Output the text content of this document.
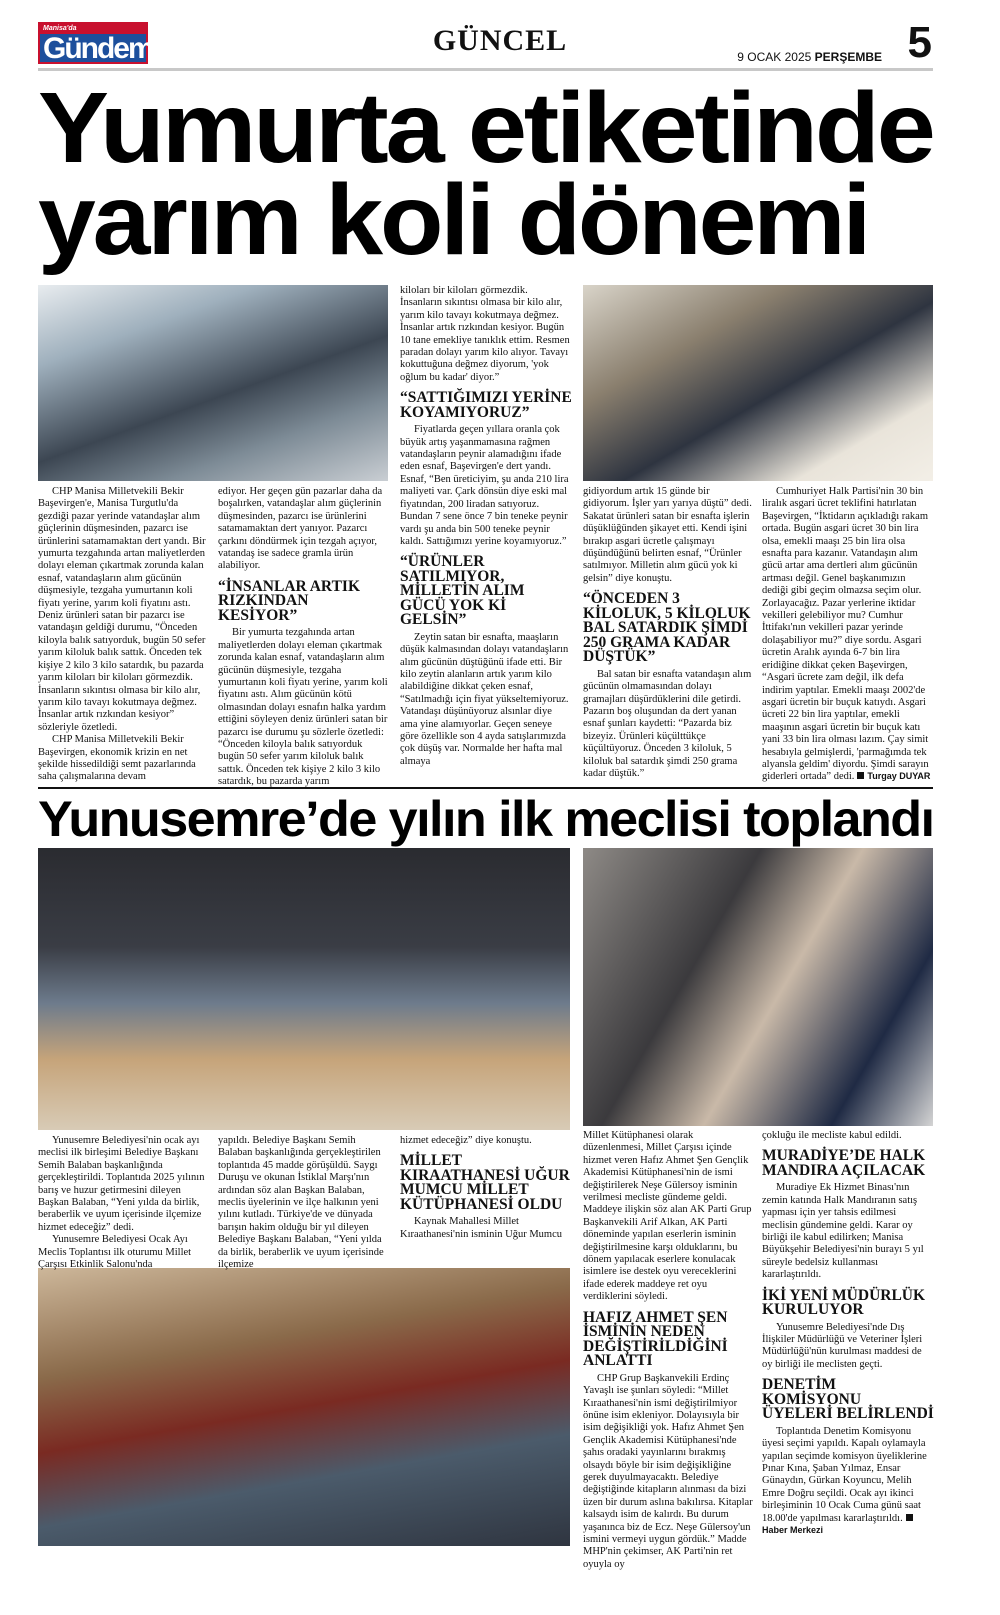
Manisa'da
Gündem	GÜNCEL	9 OCAK 2025 PERŞEMBE 5
Yumurta etiketinde
yarım koli dönemi

CHP Manisa Milletvekili Bekir Başevirgen'e, Manisa Turgutlu'da gezdiği pazar yerinde vatandaşlar alım güçlerinin düşmesinden, pazarcı ise ürünlerini satamamaktan dert yandı. Bir yumurta tezgahında artan maliyetlerden dolayı eleman çıkartmak zorunda kalan esnaf, vatandaşların alım gücünün düşmesiyle, tezgaha yumurtanın koli fiyatı yerine, yarım koli fiyatını astı. Deniz ürünleri satan bir pazarcı ise vatandaşın geldiği durumu, “Önceden kiloyla balık satıyorduk, bugün 50 sefer yarım kiloluk balık sattık. Önceden tek kişiye 2 kilo 3 kilo satardık, bu pazarda yarım kiloları bir kiloları görmezdik. İnsanların sıkıntısı olmasa bir kilo alır, yarım kilo tavayı kokutmaya değmez. İnsanlar artık rızkından kesiyor” sözleriyle özetledi.

CHP Manisa Milletvekili Bekir Başevirgen, ekonomik krizin en net şekilde hissedildiği semt pazarlarında saha çalışmalarına devam

ediyor. Her geçen gün pazarlar daha da boşalırken, vatandaşlar alım güçlerinin düşmesinden, pazarcı ise ürünlerini satamamaktan dert yanıyor. Pazarcı çarkını döndürmek için tezgah açıyor, vatandaş ise sadece gramla ürün alabiliyor.

“İNSANLAR ARTIK RIZKINDAN KESİYOR”

Bir yumurta tezgahında artan maliyetlerden dolayı eleman çıkartmak zorunda kalan esnaf, vatandaşların alım gücünün düşmesiyle, tezgaha yumurtanın koli fiyatı yerine, yarım koli fiyatını astı. Alım gücünün kötü olmasından dolayı esnafın halka yardım ettiğini söyleyen deniz ürünleri satan bir pazarcı ise durumu şu sözlerle özetledi: “Önceden kiloyla balık satıyorduk bugün 50 sefer yarım kiloluk balık sattık. Önceden tek kişiye 2 kilo 3 kilo satardık, bu pazarda yarım

kiloları bir kiloları görmezdik. İnsanların sıkıntısı olmasa bir kilo alır, yarım kilo tavayı kokutmaya değmez. İnsanlar artık rızkından kesiyor. Bugün 10 tane emekliye tanıklık ettim. Resmen paradan dolayı yarım kilo alıyor. Tavayı kokuttuğuna değmez diyorum, 'yok oğlum bu kadar' diyor.”

“SATTIĞIMIZI YERİNE KOYAMIYORUZ”

Fiyatlarda geçen yıllara oranla çok büyük artış yaşanmamasına rağmen vatandaşların peynir alamadığını ifade eden esnaf, Başevirgen'e dert yandı. Esnaf, “Ben üreticiyim, şu anda 210 lira maliyeti var. Çark dönsün diye eski mal fiyatından, 200 liradan satıyoruz. Bundan 7 sene önce 7 bin teneke peynir vardı şu anda bin 500 teneke peynir kaldı. Sattığımızı yerine koyamıyoruz.”

“ÜRÜNLER SATILMIYOR, MİLLETİN ALIM GÜCÜ YOK Kİ GELSİN”

Zeytin satan bir esnafta, maaşların düşük kalmasından dolayı vatandaşların alım gücünün düştüğünü ifade etti. Bir kilo zeytin alanların artık yarım kilo alabildiğine dikkat çeken esnaf, “Satılmadığı için fiyat yükseltemiyoruz. Vatandaşı düşünüyoruz alsınlar diye ama yine alamıyorlar. Geçen seneye göre özellikle son 4 ayda satışlarımızda çok düşüş var. Normalde her hafta mal almaya

gidiyordum artık 15 günde bir gidiyorum. İşler yarı yarıya düştü” dedi. Sakatat ürünleri satan bir esnafta işlerin düşüklüğünden şikayet etti. Kendi işini bırakıp asgari ücretle çalışmayı düşündüğünü belirten esnaf, “Ürünler satılmıyor. Milletin alım gücü yok ki gelsin” diye konuştu.

“ÖNCEDEN 3 KİLOLUK, 5 KİLOLUK BAL SATARDIK ŞİMDİ 250 GRAMA KADAR DÜŞTÜK”

Bal satan bir esnafta vatandaşın alım gücünün olmamasından dolayı gramajları düşürdüklerini dile getirdi. Pazarın boş oluşundan da dert yanan esnaf şunları kaydetti: “Pazarda biz bizeyiz. Ürünleri küçülttükçe küçültüyoruz. Önceden 3 kiloluk, 5 kiloluk bal satardık şimdi 250 grama kadar düştük.”

Cumhuriyet Halk Partisi'nin 30 bin liralık asgari ücret teklifini hatırlatan Başevirgen, “İktidarın açıkladığı rakam ortada. Bugün asgari ücret 30 bin lira olsa, emekli maaşı 25 bin lira olsa esnafta para kazanır. Vatandaşın alım gücü artar ama dertleri alım gücünün artması değil. Genel başkanımızın dediği gibi geçim olmazsa seçim olur. Zorlayacağız. Pazar yerlerine iktidar vekilleri gelebiliyor mu? Cumhur İttifakı'nın vekilleri pazar yerinde dolaşabiliyor mu?” diye sordu. Asgari ücretin Aralık ayında 6-7 bin lira eridiğine dikkat çeken Başevirgen, “Asgari ücrete zam değil, ilk defa indirim yaptılar. Emekli maaşı 2002'de asgari ücretin bir buçuk katıydı. Asgari ücreti 22 bin lira yaptılar, emekli maaşının asgari ücretin bir buçuk katı yani 33 bin lira olması lazım. Çay simit hesabıyla gelmişlerdi, 'parmağımda tek alyansla geldim' diyordu. Şimdi sarayın giderleri ortada” dedi. Turgay DUYAR

Yunusemre’de yılın ilk meclisi toplandı

Yunusemre Belediyesi'nin ocak ayı meclisi ilk birleşimi Belediye Başkanı Semih Balaban başkanlığında gerçekleştirildi. Toplantıda 2025 yılının barış ve huzur getirmesini dileyen Başkan Balaban, “Yeni yılda da birlik, beraberlik ve uyum içerisinde ilçemize hizmet edeceğiz” dedi.

Yunusemre Belediyesi Ocak Ayı Meclis Toplantısı ilk oturumu Millet Çarşısı Etkinlik Salonu'nda

yapıldı. Belediye Başkanı Semih Balaban başkanlığında gerçekleştirilen toplantıda 45 madde görüşüldü. Saygı Duruşu ve okunan İstiklal Marşı'nın ardından söz alan Başkan Balaban, meclis üyelerinin ve ilçe halkının yeni yılını kutladı. Türkiye'de ve dünyada barışın hakim olduğu bir yıl dileyen Belediye Başkanı Balaban, “Yeni yılda da birlik, beraberlik ve uyum içerisinde ilçemize

hizmet edeceğiz” diye konuştu.

MİLLET KIRAATHANESİ UĞUR MUMCU MİLLET KÜTÜPHANESİ OLDU

Kaynak Mahallesi Millet Kıraathanesi'nin isminin Uğur Mumcu

Millet Kütüphanesi olarak düzenlenmesi, Millet Çarşısı içinde hizmet veren Hafız Ahmet Şen Gençlik Akademisi Kütüphanesi'nin de ismi değiştirilerek Neşe Gülersoy isminin verilmesi mecliste gündeme geldi. Maddeye ilişkin söz alan AK Parti Grup Başkanvekili Arif Alkan, AK Parti döneminde yapılan eserlerin isminin değiştirilmesine karşı olduklarını, bu dönem yapılacak eserlere konulacak isimlere ise destek oyu vereceklerini ifade ederek maddeye ret oyu verdiklerini söyledi.

HAFIZ AHMET ŞEN İSMİNİN NEDEN DEĞİŞTİRİLDİĞİNİ ANLATTI

CHP Grup Başkanvekili Erdinç Yavaşlı ise şunları söyledi: “Millet Kıraathanesi'nin ismi değiştirilmiyor önüne isim ekleniyor. Dolayısıyla bir isim değişikliği yok. Hafız Ahmet Şen Gençlik Akademisi Kütüphanesi'nde şahıs oradaki yayınlarını bırakmış olsaydı böyle bir isim değişikliğine gerek duyulmayacaktı. Belediye değiştiğinde kitapların alınması da bizi üzen bir durum aslına bakılırsa. Kitaplar kalsaydı isim de kalırdı. Bu durum yaşanınca biz de Ecz. Neşe Gülersoy'un ismini vermeyi uygun gördük.” Madde MHP'nin çekimser, AK Parti'nin ret oyuyla oy

çokluğu ile mecliste kabul edildi.

MURADİYE’DE HALK MANDIRA AÇILACAK

Muradiye Ek Hizmet Binası'nın zemin katında Halk Mandıranın satış yapması için yer tahsis edilmesi meclisin gündemine geldi. Karar oy birliği ile kabul edilirken; Manisa Büyükşehir Belediyesi'nin burayı 5 yıl süreyle bedelsiz kullanması kararlaştırıldı.

İKİ YENİ MÜDÜRLÜK KURULUYOR

Yunusemre Belediyesi'nde Dış İlişkiler Müdürlüğü ve Veteriner İşleri Müdürlüğü'nün kurulması maddesi de oy birliği ile meclisten geçti.

DENETİM KOMİSYONU ÜYELERİ BELİRLENDİ

Toplantıda Denetim Komisyonu üyesi seçimi yapıldı. Kapalı oylamayla yapılan seçimde komisyon üyeliklerine Pınar Kına, Şaban Yılmaz, Ensar Günaydın, Gürkan Koyuncu, Melih Emre Doğru seçildi. Ocak ayı ikinci birleşiminin 10 Ocak Cuma günü saat 18.00'de yapılması kararlaştırıldı.Haber Merkezi
